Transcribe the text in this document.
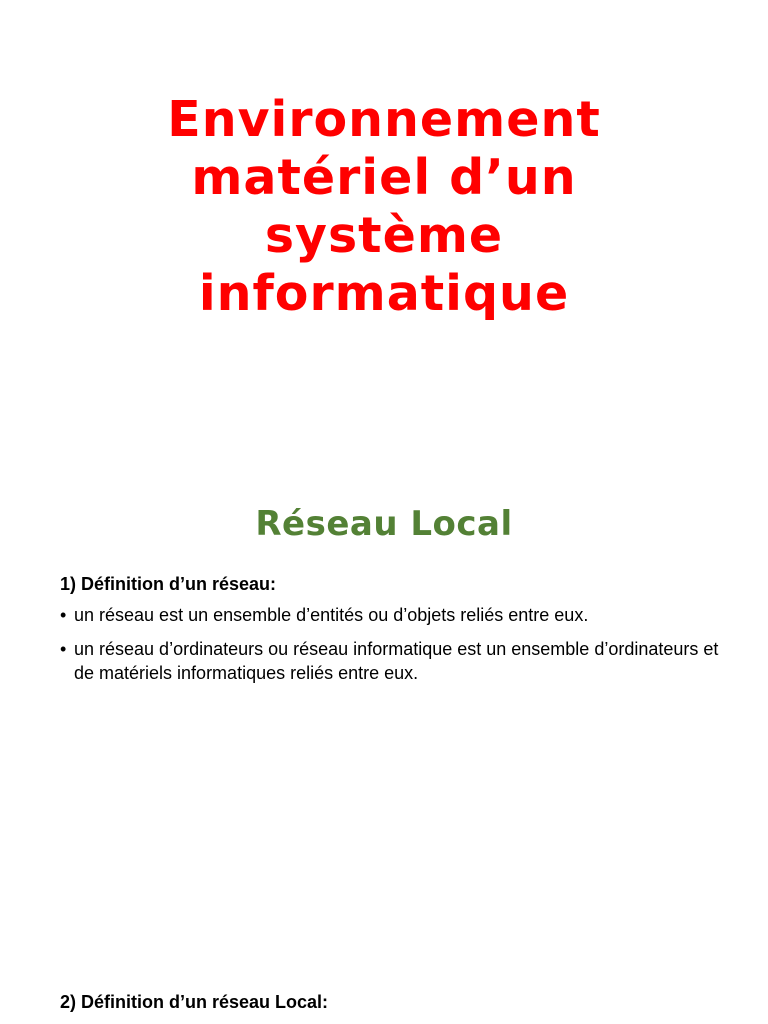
Environnement
matériel d’un
système
informatique
Réseau Local

1) Définition d’un réseau:

• un réseau est un ensemble d’entités ou d’objets reliés entre eux.
• un réseau d’ordinateurs ou réseau informatique est un ensemble d’ordinateurs et de matériels informatiques reliés entre eux.

2) Définition d’un réseau Local:
